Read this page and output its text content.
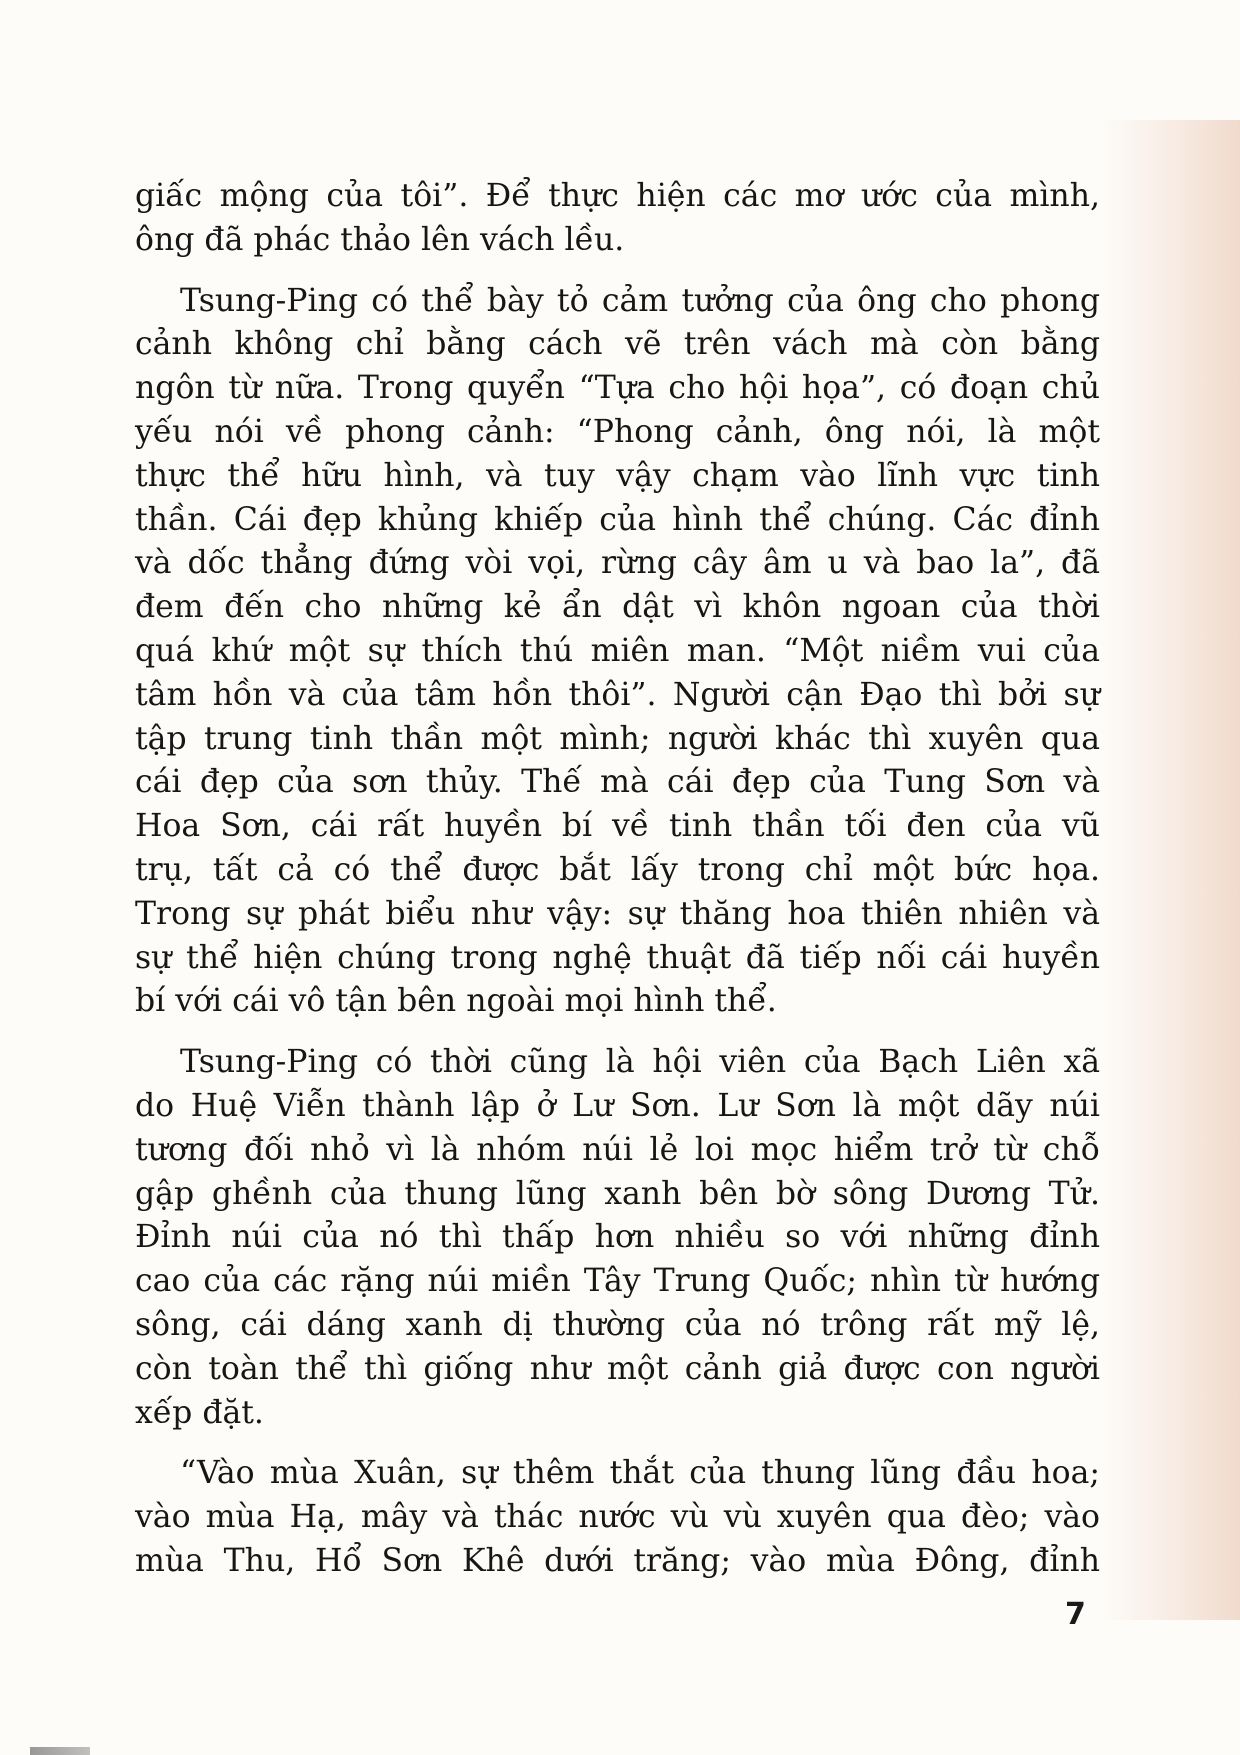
giấc mộng của tôi”. Để thực hiện các mơ ước của mình,
ông đã phác thảo lên vách lều.

Tsung-Ping có thể bày tỏ cảm tưởng của ông cho phong
cảnh không chỉ bằng cách vẽ trên vách mà còn bằng
ngôn từ nữa. Trong quyển “Tựa cho hội họa”, có đoạn chủ
yếu nói về phong cảnh: “Phong cảnh, ông nói, là một
thực thể hữu hình, và tuy vậy chạm vào lĩnh vực tinh
thần. Cái đẹp khủng khiếp của hình thể chúng. Các đỉnh
và dốc thẳng đứng vòi vọi, rừng cây âm u và bao la”, đã
đem đến cho những kẻ ẩn dật vì khôn ngoan của thời
quá khứ một sự thích thú miên man. “Một niềm vui của
tâm hồn và của tâm hồn thôi”. Người cận Đạo thì bởi sự
tập trung tinh thần một mình; người khác thì xuyên qua
cái đẹp của sơn thủy. Thế mà cái đẹp của Tung Sơn và
Hoa Sơn, cái rất huyền bí về tinh thần tối đen của vũ
trụ, tất cả có thể được bắt lấy trong chỉ một bức họa.
Trong sự phát biểu như vậy: sự thăng hoa thiên nhiên và
sự thể hiện chúng trong nghệ thuật đã tiếp nối cái huyền
bí với cái vô tận bên ngoài mọi hình thể.

Tsung-Ping có thời cũng là hội viên của Bạch Liên xã
do Huệ Viễn thành lập ở Lư Sơn. Lư Sơn là một dãy núi
tương đối nhỏ vì là nhóm núi lẻ loi mọc hiểm trở từ chỗ
gập ghềnh của thung lũng xanh bên bờ sông Dương Tử.
Đỉnh núi của nó thì thấp hơn nhiều so với những đỉnh
cao của các rặng núi miền Tây Trung Quốc; nhìn từ hướng
sông, cái dáng xanh dị thường của nó trông rất mỹ lệ,
còn toàn thể thì giống như một cảnh giả được con người
xếp đặt.

“Vào mùa Xuân, sự thêm thắt của thung lũng đầu hoa;
vào mùa Hạ, mây và thác nước vù vù xuyên qua đèo; vào
mùa Thu, Hổ Sơn Khê dưới trăng; vào mùa Đông, đỉnh

7
